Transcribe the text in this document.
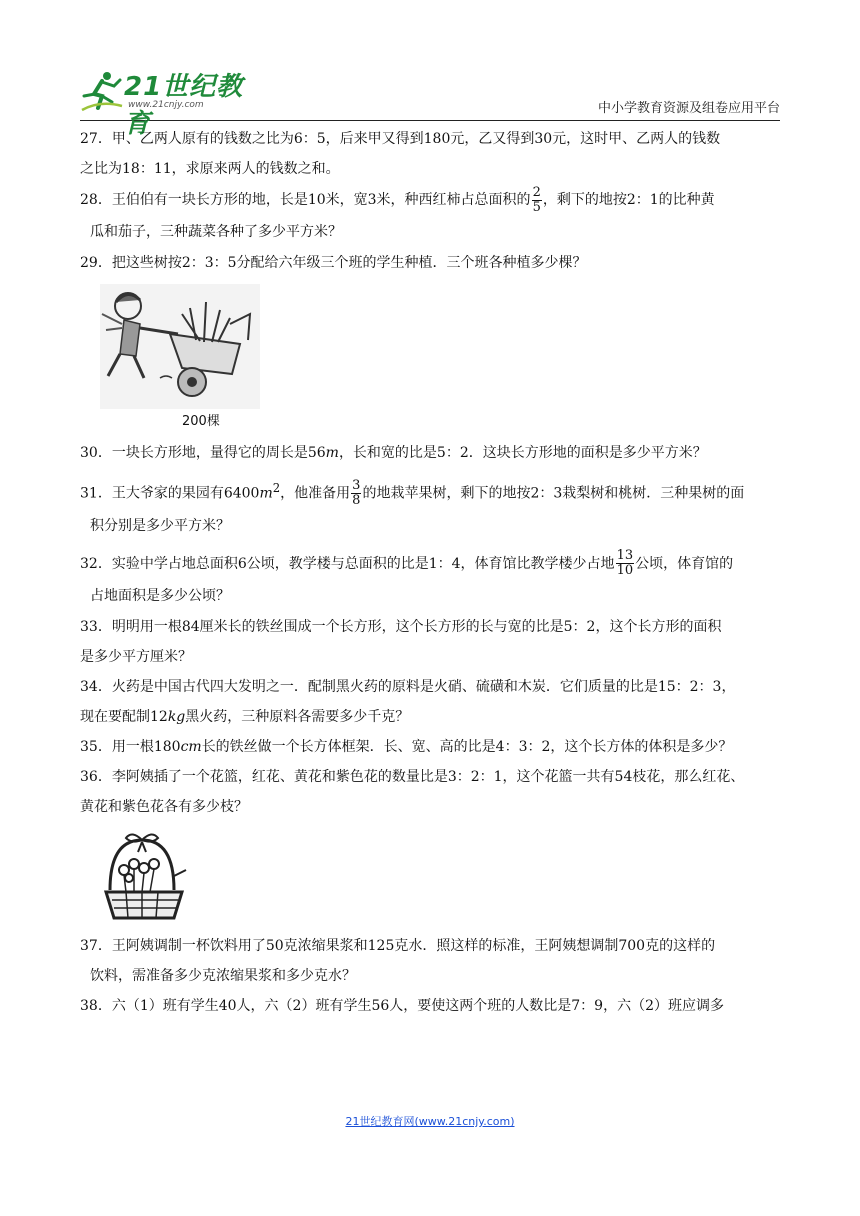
21世纪教育
www.21cnjy.com	中小学教育资源及组卷应用平台

27．甲、乙两人原有的钱数之比为6：5，后来甲又得到180元，乙又得到30元，这时甲、乙两人的钱数
之比为18：11，求原来两人的钱数之和。

28．王伯伯有一块长方形的地，长是10米，宽3米，种西红柿占总面积的 $\frac{2}{5}$ ，剩下的地按2：1的比种黄
瓜和茄子，三种蔬菜各种了多少平方米？

29．把这些树按2：3：5分配给六年级三个班的学生种植．三个班各种植多少棵？

200棵

30．一块长方形地，量得它的周长是56m，长和宽的比是5：2．这块长方形地的面积是多少平方米？

31．王大爷家的果园有$6400m^2$，他准备用 $\frac{3}{8}$ 的地栽苹果树，剩下的地按2：3栽梨树和桃树．三种果树的面
积分别是多少平方米？

32．实验中学占地总面积6公顷，教学楼与总面积的比是1：4，体育馆比教学楼少占地 $\frac{13}{10}$ 公顷，体育馆的
占地面积是多少公顷？

33．明明用一根84厘米长的铁丝围成一个长方形，这个长方形的长与宽的比是5：2，这个长方形的面积
是多少平方厘米？

34．火药是中国古代四大发明之一．配制黑火药的原料是火硝、硫磺和木炭．它们质量的比是15：2：3，
现在要配制12kg黑火药，三种原料各需要多少千克？

35．用一根180cm长的铁丝做一个长方体框架．长、宽、高的比是4：3：2，这个长方体的体积是多少？

36．李阿姨插了一个花篮，红花、黄花和紫色花的数量比是3：2：1，这个花篮一共有54枝花，那么红花、
黄花和紫色花各有多少枝？

37．王阿姨调制一杯饮料用了50克浓缩果浆和125克水．照这样的标准，王阿姨想调制700克的这样的
饮料，需准备多少克浓缩果浆和多少克水？

38．六（1）班有学生40人，六（2）班有学生56人，要使这两个班的人数比是7：9，六（2）班应调多

21世纪教育网(www.21cnjy.com)
